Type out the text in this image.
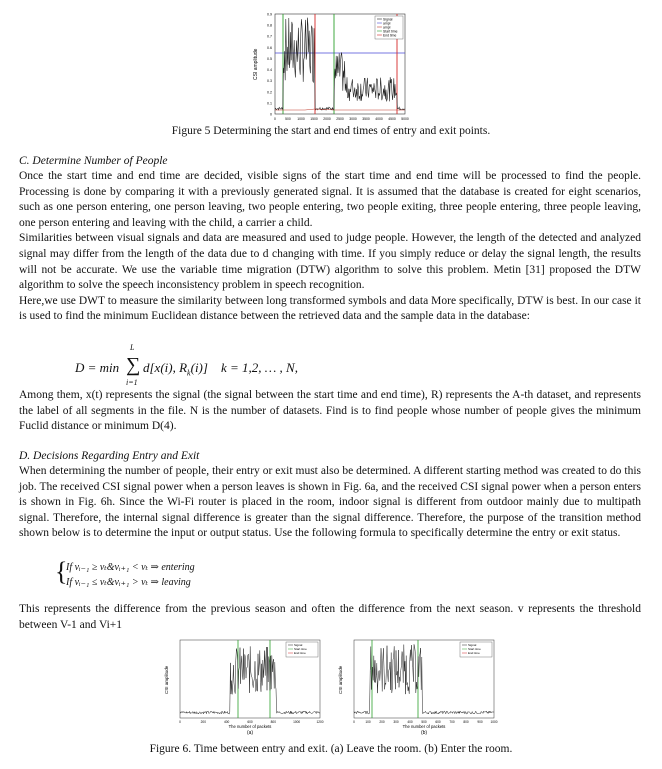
0.9
0.8
0.7
0.6
0.5
0.4
0.3
0.2
0.1
0
0	500 1000 1500 2000 2500 3000 3500 4000 4500 5000
CSI amplitude
Signal
ampl
ampl
Start time
End time
Figure 5 Determining the start and end times of entry and exit points.
C. Determine Number of People

Once the start time and end time are decided, visible signs of the start time and end time will be processed to find the people. Processing is done by comparing it with a previously generated signal. It is assumed that the database is created for eight scenarios, such as one person entering, one person leaving, two people entering, two people exiting, three people entering, three people leaving, one person entering and leaving with the child, a carrier a child.

Similarities between visual signals and data are measured and used to judge people. However, the length of the detected and analyzed signal may differ from the length of the data due to d changing with time. If you simply reduce or delay the signal length, the results will not be accurate. We use the variable time migration (DTW) algorithm to solve this problem. Metin [31] proposed the DTW algorithm to solve the speech inconsistency problem in speech recognition.

Here,we use DWT to measure the similarity between long transformed symbols and data More specifically, DTW is best. In our case it is used to find the minimum Euclidean distance between the retrieved data and the sample data in the database:

D = min
L
∑
i=1
d[x(i), $R_k(i)$]    k = 1,2, … , N,
Among them, x(t) represents the signal (the signal between the start time and end time), R) represents the A-th dataset, and represents the label of all segments in the file. N is the number of datasets. Find is to find people whose number of people gives the minimum Fuclid distance or minimum D(4).
D. Decisions Regarding Entry and Exit
When determining the number of people, their entry or exit must also be determined. A different starting method was created to do this job. The received CSI signal power when a person leaves is shown in Fig. 6a, and the received CSI signal power when a person enters is shown in Fig. 6h. Since the Wi-Fi router is placed in the room, indoor signal is different from outdoor mainly due to multipath signal. Therefore, the internal signal difference is greater than the signal difference. Therefore, the purpose of the transition method shown below is to determine the input or output status. Use the following formula to specifically determine the entry or exit status.
{
If vᵢ₋₁ ≥ vₜ&vᵢ₊₁ < vₜ ⇒ entering
If vᵢ₋₁ ≤ vₜ&vᵢ₊₁ > vₜ ⇒ leaving
This represents the difference from the previous season and often the difference from the next season. v represents the threshold between V-1 and Vi+1
CSI amplitude
0	200	400	600	800	1000	1200
Signal
Start time
End time
The number of packets
(a)
CSI amplitude
0	100	200	300	400	500	600	700	800	900 1000
Signal
Start time
End time
The number of packets
(b)
Figure 6. Time between entry and exit. (a) Leave the room. (b) Enter the room.
